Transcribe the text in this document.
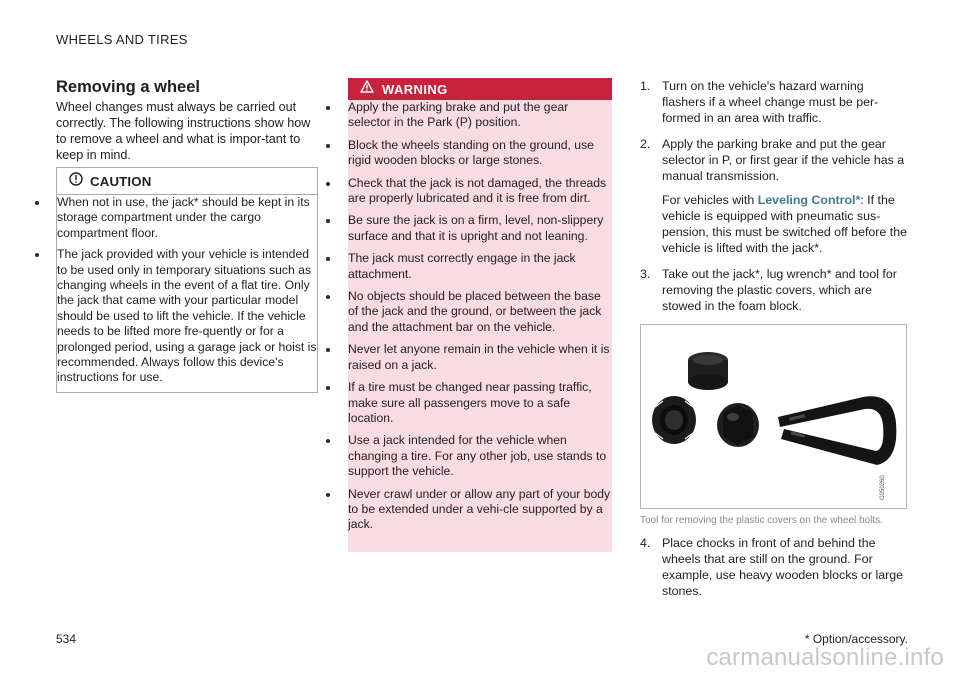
WHEELS AND TIRES
Removing a wheel

Wheel changes must always be carried out correctly. The following instructions show how to remove a wheel and what is impor-tant to keep in mind.

CAUTION
When not in use, the jack* should be kept in its storage compartment under the cargo compartment floor.
The jack provided with your vehicle is intended to be used only in temporary situations such as changing wheels in the event of a flat tire. Only the jack that came with your particular model should be used to lift the vehicle. If the vehicle needs to be lifted more fre-quently or for a prolonged period, using a garage jack or hoist is recommended. Always follow this device's instructions for use.
WARNING
Apply the parking brake and put the gear selector in the Park (P) position.
Block the wheels standing on the ground, use rigid wooden blocks or large stones.
Check that the jack is not damaged, the threads are properly lubricated and it is free from dirt.
Be sure the jack is on a firm, level, non-slippery surface and that it is upright and not leaning.
The jack must correctly engage in the jack attachment.
No objects should be placed between the base of the jack and the ground, or between the jack and the attachment bar on the vehicle.
Never let anyone remain in the vehicle when it is raised on a jack.
If a tire must be changed near passing traffic, make sure all passengers move to a safe location.
Use a jack intended for the vehicle when changing a tire. For any other job, use stands to support the vehicle.
Never crawl under or allow any part of your body to be extended under a vehi-cle supported by a jack.
1. Turn on the vehicle's hazard warning flashers if a wheel change must be per-formed in an area with traffic.
2. Apply the parking brake and put the gear selector in P, or first gear if the vehicle has a manual transmission.
For vehicles with Leveling Control*: If the vehicle is equipped with pneumatic sus-pension, this must be switched off before the vehicle is lifted with the jack*.
3. Take out the jack*, lug wrench* and tool for removing the plastic covers, which are stowed in the foam block.
G050260
Tool for removing the plastic covers on the wheel bolts.
4. Place chocks in front of and behind the wheels that are still on the ground. For example, use heavy wooden blocks or large stones.
534	* Option/accessory.
carmanualsonline.info
